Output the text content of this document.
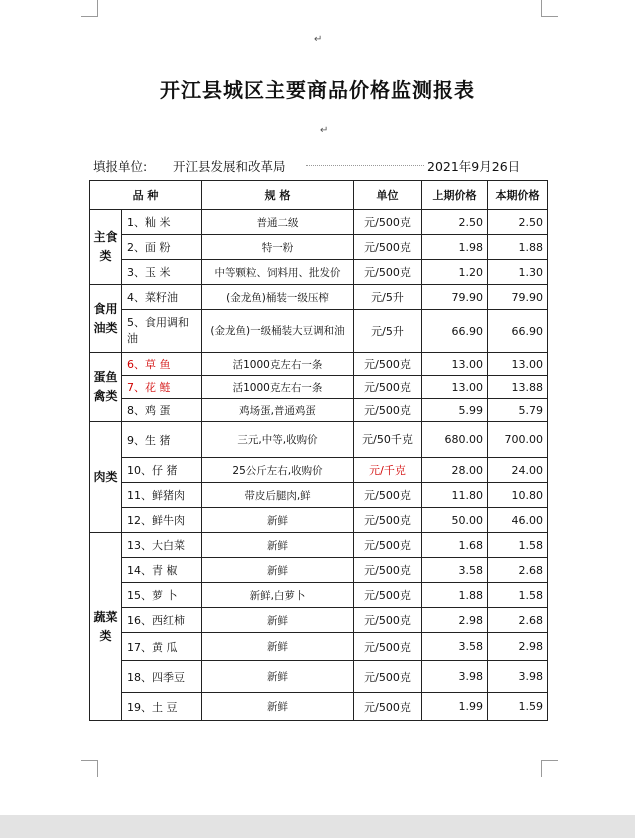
↵
↵
开江县城区主要商品价格监测报表
填报单位: 开江县发展和改革局	2021年9月26日
品 种		规 格	单位	上期价格	本期价格
主食类	1、籼 米	普通二级	元/500克	2.50	2.50
	2、面 粉	特一粉	元/500克	1.98	1.88
	3、玉 米	中等颗粒、饲料用、批发价	元/500克	1.20	1.30
食用油类	4、菜籽油	(金龙鱼)桶装一级压榨	元/5升	79.90	79.90
	5、食用调和油	(金龙鱼)一级桶装大豆调和油	元/5升	66.90	66.90
蛋鱼禽类	6、草 鱼	活1000克左右一条	元/500克	13.00	13.00
	7、花 鲢	活1000克左右一条	元/500克	13.00	13.88
	8、鸡 蛋	鸡场蛋,普通鸡蛋	元/500克	5.99	5.79
肉类	9、生 猪	三元,中等,收购价	元/50千克	680.00	700.00
	10、仔 猪	25公斤左右,收购价	元/千克	28.00	24.00
	11、鲜猪肉	带皮后腿肉,鲜	元/500克	11.80	10.80
	12、鲜牛肉	新鲜	元/500克	50.00	46.00
蔬菜类	13、大白菜	新鲜	元/500克	1.68	1.58
	14、青 椒	新鲜	元/500克	3.58	2.68
	15、萝 卜	新鲜,白萝卜	元/500克	1.88	1.58
	16、西红柿	新鲜	元/500克	2.98	2.68
	17、黄 瓜	新鲜	元/500克	3.58	2.98
	18、四季豆	新鲜	元/500克	3.98	3.98
	19、土 豆	新鲜	元/500克	1.99	1.59
